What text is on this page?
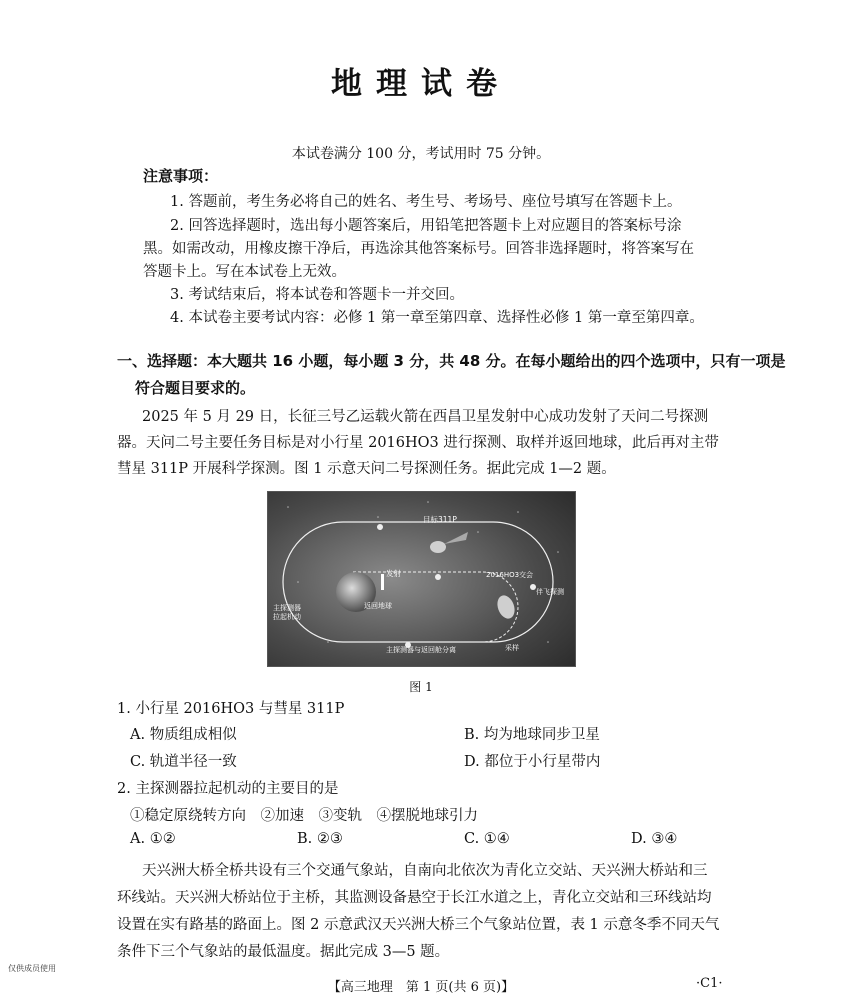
地理试卷
本试卷满分 100 分，考试用时 75 分钟。
注意事项：
1. 答题前，考生务必将自己的姓名、考生号、考场号、座位号填写在答题卡上。
2. 回答选择题时，选出每小题答案后，用铅笔把答题卡上对应题目的答案标号涂
黑。如需改动，用橡皮擦干净后，再选涂其他答案标号。回答非选择题时，将答案写在
答题卡上。写在本试卷上无效。
3. 考试结束后，将本试卷和答题卡一并交回。
4. 本试卷主要考试内容：必修 1 第一章至第四章、选择性必修 1 第一章至第四章。
一、选择题：本大题共 16 小题，每小题 3 分，共 48 分。在每小题给出的四个选项中，只有一项是
符合题目要求的。
2025 年 5 月 29 日，长征三号乙运载火箭在西昌卫星发射中心成功发射了天问二号探测
器。天问二号主要任务目标是对小行星 2016HO3 进行探测、取样并返回地球，此后再对主带
彗星 311P 开展科学探测。图 1 示意天问二号探测任务。据此完成 1—2 题。
目标311P
发射	2016HO3交会
伴飞探测
主探测器
拉起机动
返回地球
主探测器与返回舱分离	采样
图 1
1. 小行星 2016HO3 与彗星 311P
A. 物质组成相似	B. 均为地球同步卫星
C. 轨道半径一致	D. 都位于小行星带内
2. 主探测器拉起机动的主要目的是
①稳定原绕转方向　②加速　③变轨　④摆脱地球引力
A. ①②	B. ②③	C. ①④	D. ③④
天兴洲大桥全桥共设有三个交通气象站，自南向北依次为青化立交站、天兴洲大桥站和三
环线站。天兴洲大桥站位于主桥，其监测设备悬空于长江水道之上，青化立交站和三环线站均
设置在实有路基的路面上。图 2 示意武汉天兴洲大桥三个气象站位置，表 1 示意冬季不同天气
条件下三个气象站的最低温度。据此完成 3—5 题。
仅供成员使用
【高三地理　第 1 页(共 6 页)】	·C1·
